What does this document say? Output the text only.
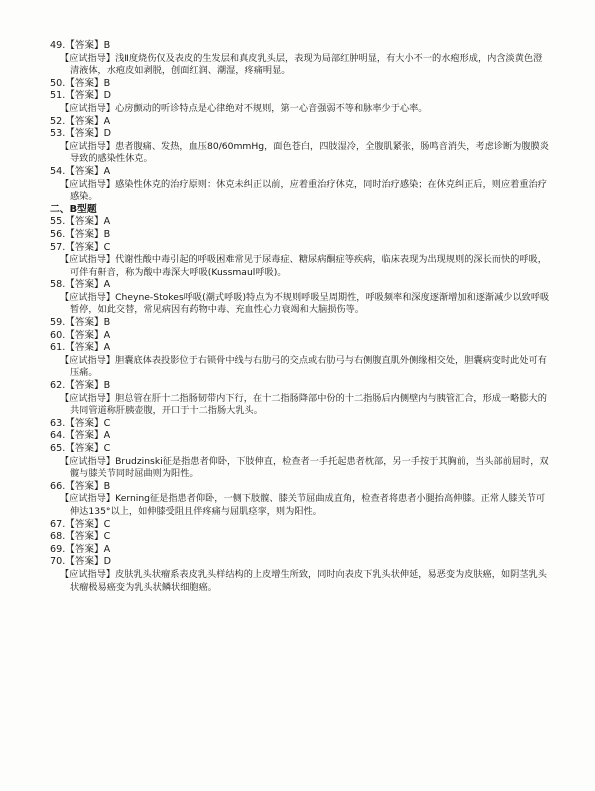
49.【答案】B
【应试指导】浅Ⅱ度烧伤仅及表皮的生发层和真皮乳头层，表现为局部红肿明显，有大小不一的水疱形成，内含淡黄色澄清液体，水疱皮如剥脱，创面红润、潮湿，疼痛明显。
50.【答案】B
51.【答案】D
【应试指导】心房颤动的听诊特点是心律绝对不规则，第一心音强弱不等和脉率少于心率。
52.【答案】A
53.【答案】D
【应试指导】患者腹痛、发热，血压80/60mmHg，面色苍白，四肢湿冷，全腹肌紧张，肠鸣音消失，考虑诊断为腹膜炎导致的感染性休克。
54.【答案】A
【应试指导】感染性休克的治疗原则：休克未纠正以前，应着重治疗休克，同时治疗感染；在休克纠正后，则应着重治疗感染。
二、B型题
55.【答案】A
56.【答案】B
57.【答案】C
【应试指导】代谢性酸中毒引起的呼吸困难常见于尿毒症、糖尿病酮症等疾病，临床表现为出现规则的深长而快的呼吸，可伴有鼾音，称为酸中毒深大呼吸(Kussmaul呼吸)。
58.【答案】A
【应试指导】Cheyne-Stokes呼吸(潮式呼吸)特点为不规则呼吸呈周期性，呼吸频率和深度逐渐增加和逐渐减少以致呼吸暂停，如此交替，常见病因有药物中毒、充血性心力衰竭和大脑损伤等。
59.【答案】B
60.【答案】A
61.【答案】A
【应试指导】胆囊底体表投影位于右锁骨中线与右肋弓的交点或右肋弓与右侧腹直肌外侧缘相交处，胆囊病变时此处可有压痛。
62.【答案】B
【应试指导】胆总管在肝十二指肠韧带内下行，在十二指肠降部中份的十二指肠后内侧壁内与胰管汇合，形成一略膨大的共同管道称肝胰壶腹，开口于十二指肠大乳头。
63.【答案】C
64.【答案】A
65.【答案】C
【应试指导】Brudzinski征是指患者仰卧，下肢伸直，检查者一手托起患者枕部，另一手按于其胸前，当头部前屈时，双髋与膝关节同时屈曲则为阳性。
66.【答案】B
【应试指导】Kerning征是指患者仰卧，一侧下肢髋、膝关节屈曲成直角，检查者将患者小腿抬高伸膝。正常人膝关节可伸达135°以上，如伸膝受阻且伴疼痛与屈肌痉挛，则为阳性。
67.【答案】C
68.【答案】C
69.【答案】A
70.【答案】D
【应试指导】皮肤乳头状瘤系表皮乳头样结构的上皮增生所致，同时向表皮下乳头状伸延，易恶变为皮肤癌，如阴茎乳头状瘤极易癌变为乳头状鳞状细胞癌。
